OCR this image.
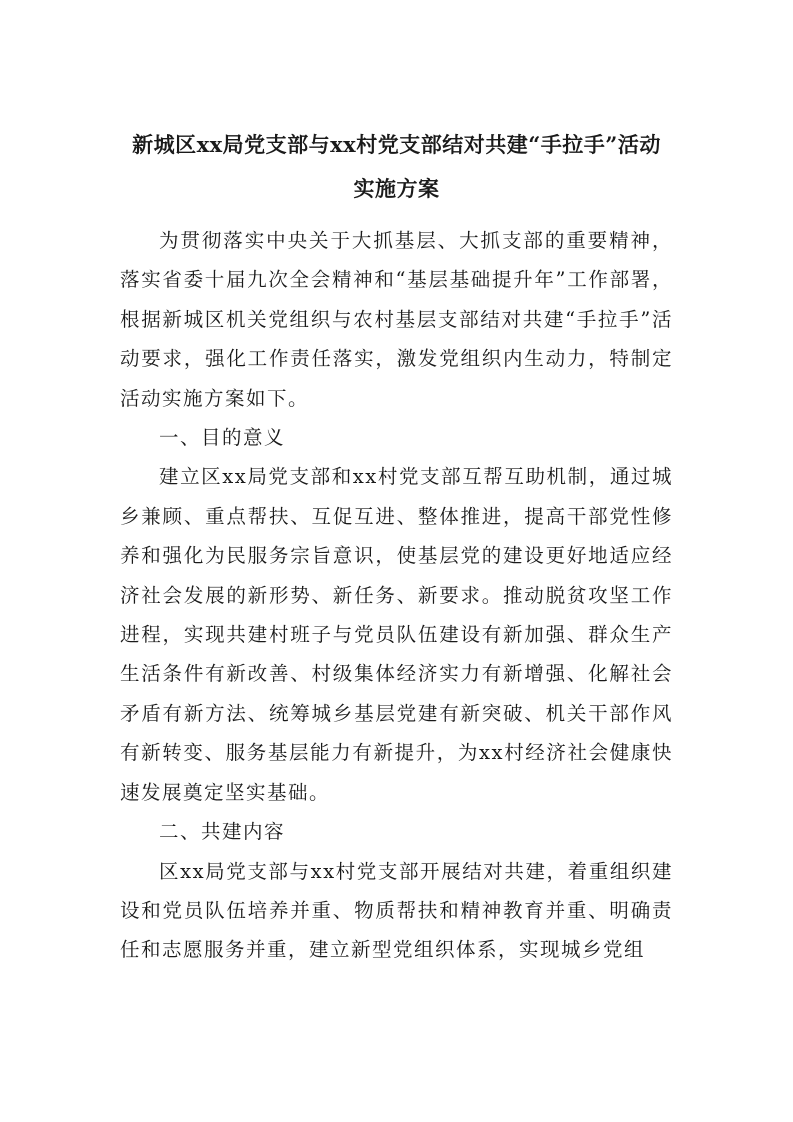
新城区xx局党支部与xx村党支部结对共建“手拉手”活动

实施方案

为贯彻落实中央关于大抓基层、大抓支部的重要精神，落实省委十届九次全会精神和“基层基础提升年”工作部署，根据新城区机关党组织与农村基层支部结对共建“手拉手”活动要求，强化工作责任落实，激发党组织内生动力，特制定活动实施方案如下。

一、目的意义

建立区xx局党支部和xx村党支部互帮互助机制，通过城乡兼顾、重点帮扶、互促互进、整体推进，提高干部党性修养和强化为民服务宗旨意识，使基层党的建设更好地适应经济社会发展的新形势、新任务、新要求。推动脱贫攻坚工作进程，实现共建村班子与党员队伍建设有新加强、群众生产生活条件有新改善、村级集体经济实力有新增强、化解社会矛盾有新方法、统筹城乡基层党建有新突破、机关干部作风有新转变、服务基层能力有新提升，为xx村经济社会健康快速发展奠定坚实基础。

二、共建内容

区xx局党支部与xx村党支部开展结对共建，着重组织建设和党员队伍培养并重、物质帮扶和精神教育并重、明确责任和志愿服务并重，建立新型党组织体系，实现城乡党组
